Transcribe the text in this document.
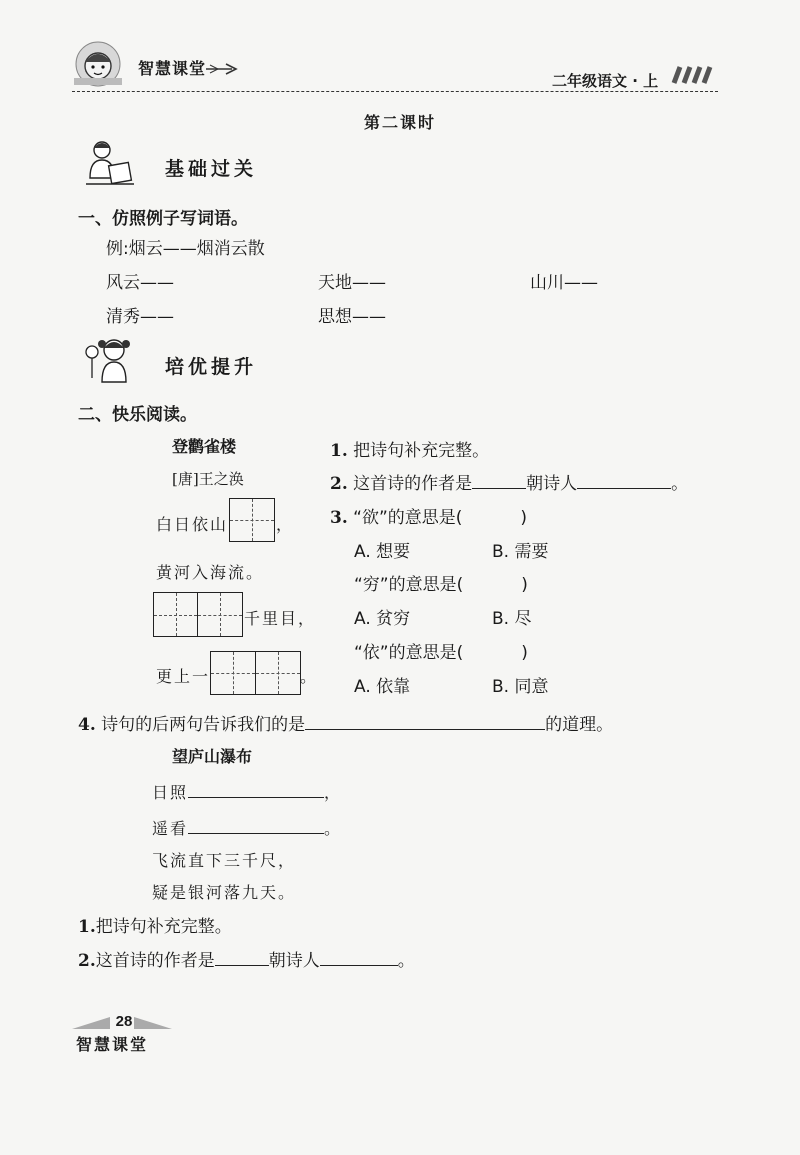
智慧课堂
二年级语文 · 上
第二课时
基础过关
一、仿照例子写词语。
例:烟云——烟消云散
风云——	天地——	山川——
清秀——	思想——
培优提升
二、快乐阅读。
登鹳雀楼
[唐]王之涣
白日依山	，
黄河入海流。
千里目，
更上一	。
1. 把诗句补充完整。
2. 这首诗的作者是	朝诗人	。
3. “欲”的意思是(	)
A. 想要	B. 需要
“穷”的意思是(	)
A. 贫穷	B. 尽
“依”的意思是(	)
A. 依靠	B. 同意
4. 诗句的后两句告诉我们的是	的道理。
望庐山瀑布
日照	，
遥看	。
飞流直下三千尺，
疑是银河落九天。
1.把诗句补充完整。
2.这首诗的作者是	朝诗人	。
28
智慧课堂
